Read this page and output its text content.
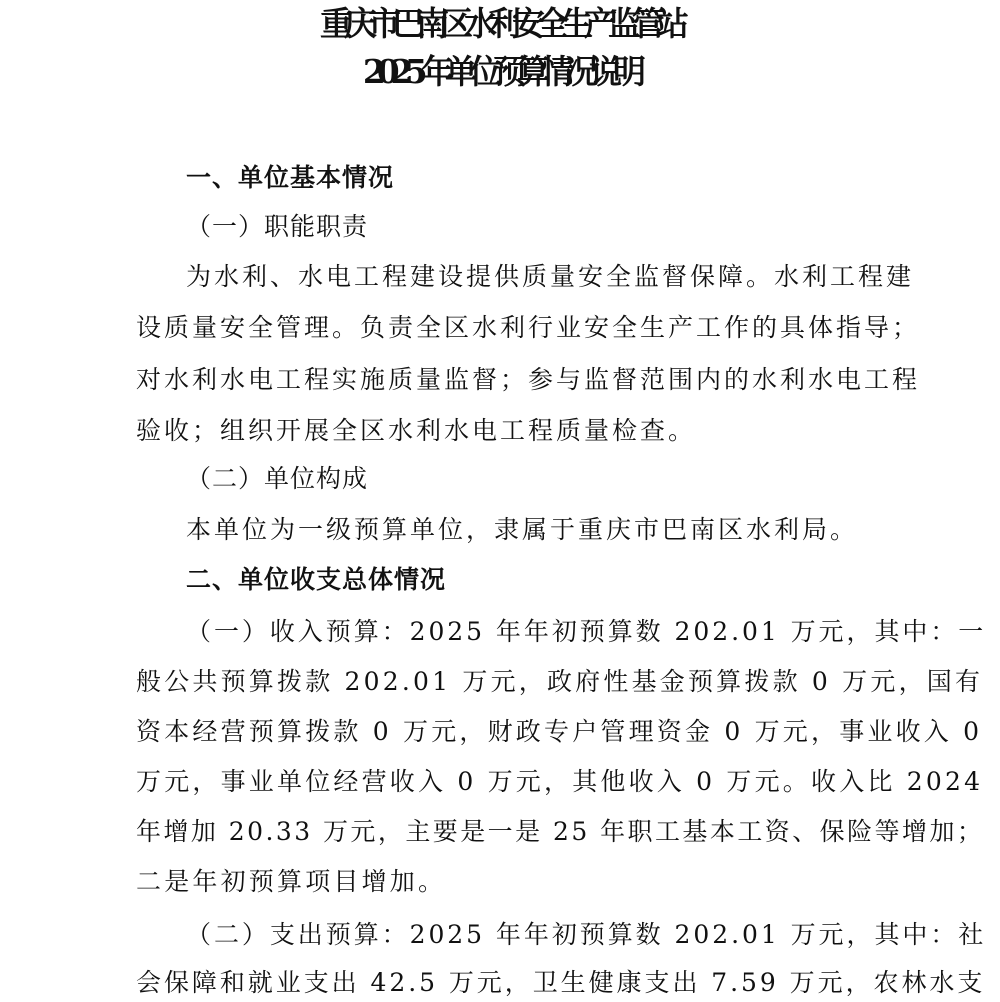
重庆市巴南区水利安全生产监管站
2025 年单位预算情况说明
一、单位基本情况
（一）职能职责
为水利、水电工程建设提供质量安全监督保障。水利工程建
设质量安全管理。负责全区水利行业安全生产工作的具体指导；
对水利水电工程实施质量监督；参与监督范围内的水利水电工程
验收；组织开展全区水利水电工程质量检查。
（二）单位构成
本单位为一级预算单位，隶属于重庆市巴南区水利局。
二、单位收支总体情况
（一）收入预算：2025 年年初预算数 202.01 万元，其中：一
般公共预算拨款 202.01 万元，政府性基金预算拨款 0 万元，国有
资本经营预算拨款 0 万元，财政专户管理资金 0 万元，事业收入 0
万元，事业单位经营收入 0 万元，其他收入 0 万元。收入比 2024
年增加 20.33 万元，主要是一是 25 年职工基本工资、保险等增加；
二是年初预算项目增加。
（二）支出预算：2025 年年初预算数 202.01 万元，其中：社
会保障和就业支出 42.5 万元，卫生健康支出 7.59 万元，农林水支
